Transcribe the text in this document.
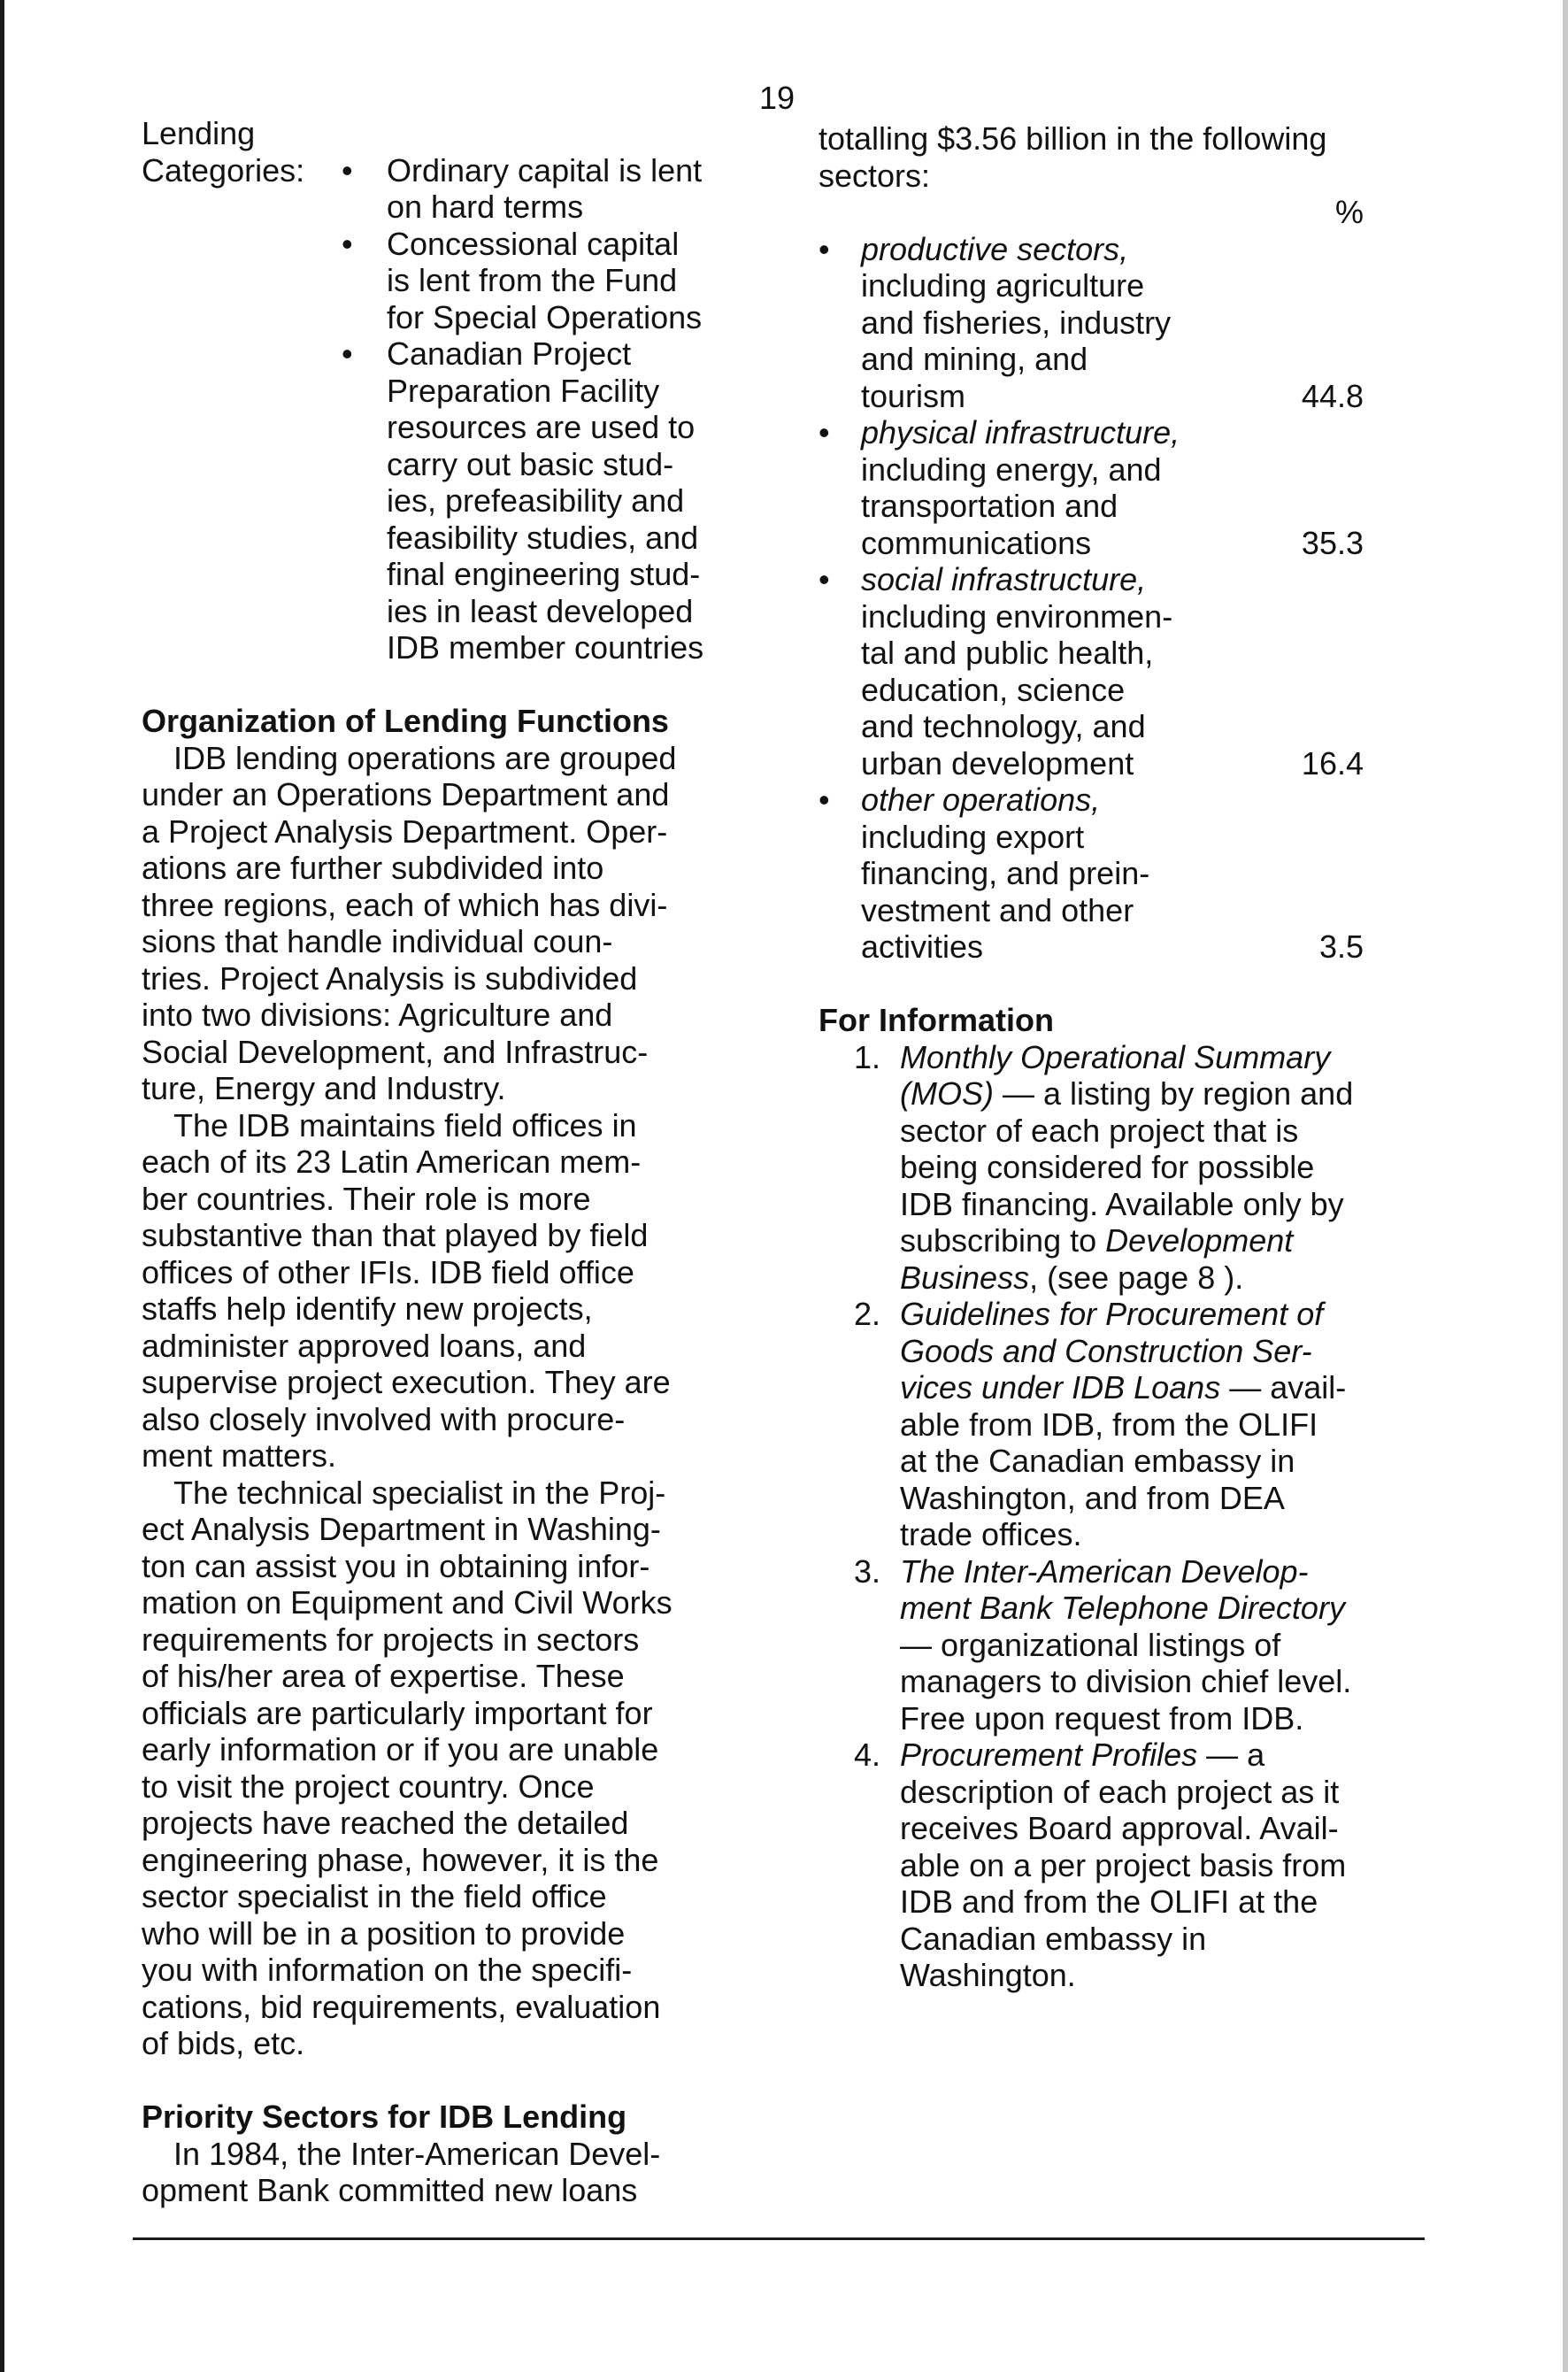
19
Lending
Categories: • Ordinary capital is lent
on hard terms
• Concessional capital
is lent from the Fund
for Special Operations
• Canadian Project
Preparation Facility
resources are used to
carry out basic stud-
ies, prefeasibility and
feasibility studies, and
final engineering stud-
ies in least developed
IDB member countries
Organization of Lending Functions
IDB lending operations are grouped
under an Operations Department and
a Project Analysis Department. Oper-
ations are further subdivided into
three regions, each of which has divi-
sions that handle individual coun-
tries. Project Analysis is subdivided
into two divisions: Agriculture and
Social Development, and Infrastruc-
ture, Energy and Industry.
The IDB maintains field offices in
each of its 23 Latin American mem-
ber countries. Their role is more
substantive than that played by field
offices of other IFIs. IDB field office
staffs help identify new projects,
administer approved loans, and
supervise project execution. They are
also closely involved with procure-
ment matters.
The technical specialist in the Proj-
ect Analysis Department in Washing-
ton can assist you in obtaining infor-
mation on Equipment and Civil Works
requirements for projects in sectors
of his/her area of expertise. These
officials are particularly important for
early information or if you are unable
to visit the project country. Once
projects have reached the detailed
engineering phase, however, it is the
sector specialist in the field office
who will be in a position to provide
you with information on the specifi-
cations, bid requirements, evaluation
of bids, etc.
Priority Sectors for IDB Lending
In 1984, the Inter-American Devel-
opment Bank committed new loans
totalling $3.56 billion in the following
sectors:
%
• productive sectors,
including agriculture
and fisheries, industry
and mining, and
tourism	44.8
• physical infrastructure,
including energy, and
transportation and
communications	35.3
• social infrastructure,
including environmen-
tal and public health,
education, science
and technology, and
urban development	16.4
• other operations,
including export
financing, and prein-
vestment and other
activities	3.5
For Information
1. Monthly Operational Summary
(MOS) — a listing by region and
sector of each project that is
being considered for possible
IDB financing. Available only by
subscribing to Development
Business, (see page 8 ).
2. Guidelines for Procurement of
Goods and Construction Ser-
vices under IDB Loans — avail-
able from IDB, from the OLIFI
at the Canadian embassy in
Washington, and from DEA
trade offices.
3. The Inter-American Develop-
ment Bank Telephone Directory
— organizational listings of
managers to division chief level.
Free upon request from IDB.
4. Procurement Profiles — a
description of each project as it
receives Board approval. Avail-
able on a per project basis from
IDB and from the OLIFI at the
Canadian embassy in
Washington.
